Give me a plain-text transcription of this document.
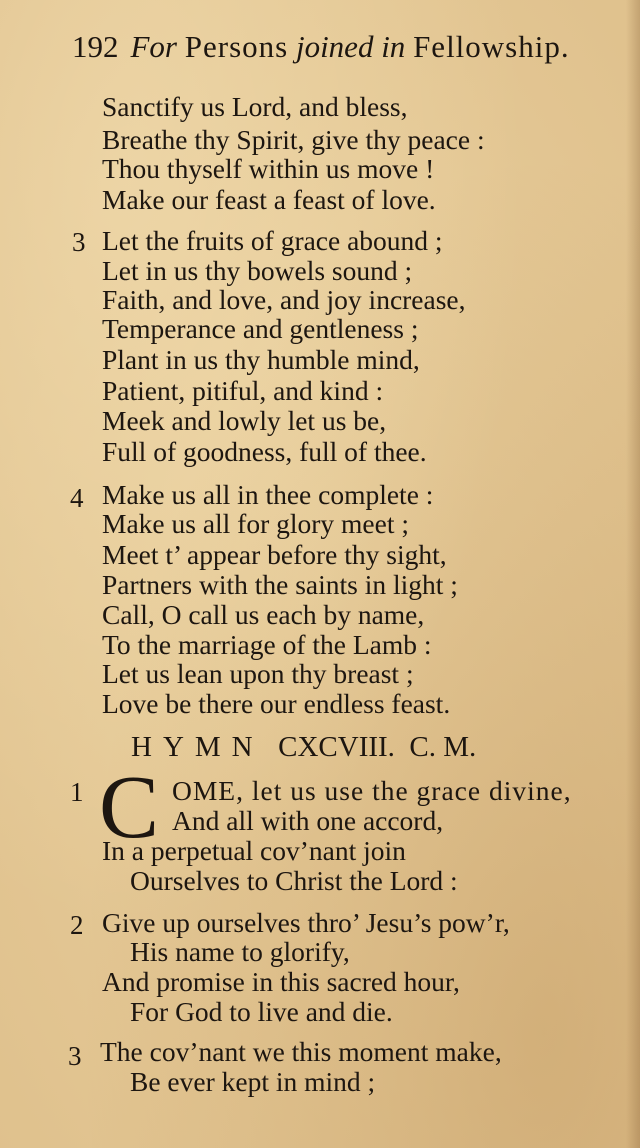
192 For Persons joined in Fellowship.
Sanctify us Lord, and bless,
Breathe thy Spirit, give thy peace :
Thou thyself within us move !
Make our feast a feast of love.
3 Let the fruits of grace abound ;
Let in us thy bowels sound ;
Faith, and love, and joy increase,
Temperance and gentleness ;
Plant in us thy humble mind,
Patient, pitiful, and kind :
Meek and lowly let us be,
Full of goodness, full of thee.
4 Make us all in thee complete :
Make us all for glory meet ;
Meet t’ appear before thy sight,
Partners with the saints in light ;
Call, O call us each by name,
To the marriage of the Lamb :
Let us lean upon thy breast ;
Love be there our endless feast.
HYMN CXCVIII. C. M.
1	OME, let us use the grace divine,
And all with one accord,
In a perpetual cov’nant join
Ourselves to Christ the Lord :
2 Give up ourselves thro’ Jesu’s pow’r,
His name to glorify,
And promise in this sacred hour,
For God to live and die.
3 The cov’nant we this moment make,
Be ever kept in mind ;
C
